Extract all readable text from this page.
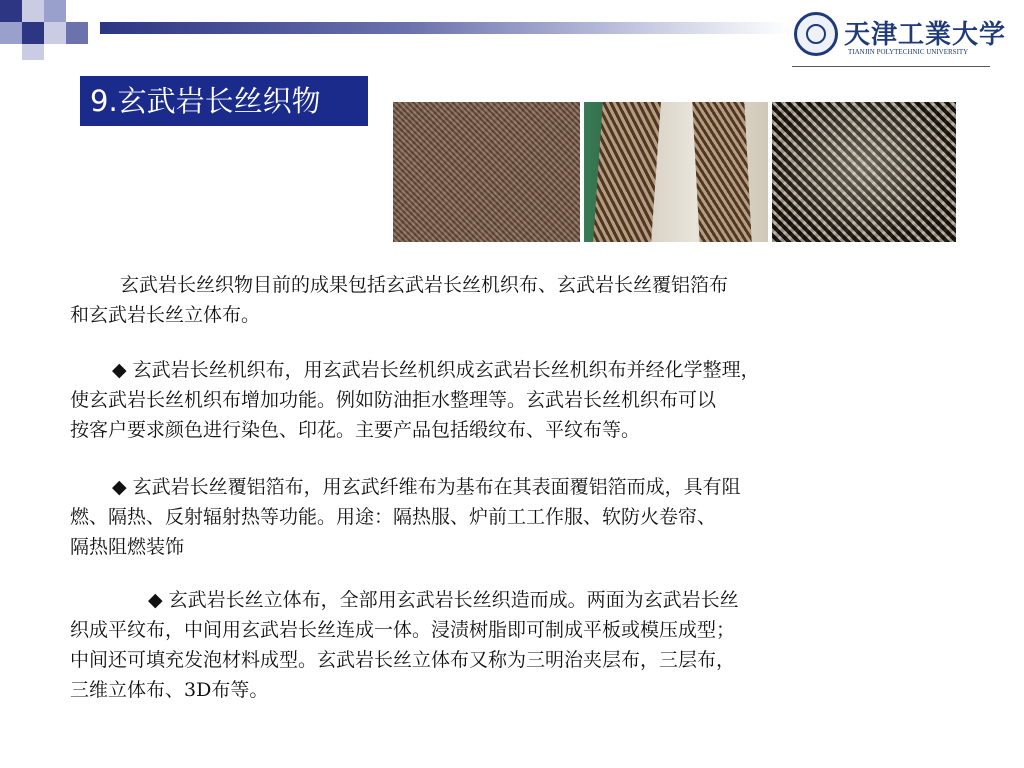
天津工業大学
TIANJIN POLYTECHNIC UNIVERSITY
9.玄武岩长丝织物
玄武岩长丝织物目前的成果包括玄武岩长丝机织布、玄武岩长丝覆铝箔布
和玄武岩长丝立体布。
◆ 玄武岩长丝机织布，用玄武岩长丝机织成玄武岩长丝机织布并经化学整理，
使玄武岩长丝机织布增加功能。例如防油拒水整理等。玄武岩长丝机织布可以
按客户要求颜色进行染色、印花。主要产品包括缎纹布、平纹布等。
◆ 玄武岩长丝覆铝箔布，用玄武纤维布为基布在其表面覆铝箔而成，具有阻
燃、隔热、反射辐射热等功能。用途：隔热服、炉前工工作服、软防火卷帘、
隔热阻燃装饰
◆ 玄武岩长丝立体布，全部用玄武岩长丝织造而成。两面为玄武岩长丝
织成平纹布，中间用玄武岩长丝连成一体。浸渍树脂即可制成平板或模压成型；
中间还可填充发泡材料成型。玄武岩长丝立体布又称为三明治夹层布，三层布，
三维立体布、3D布等。
